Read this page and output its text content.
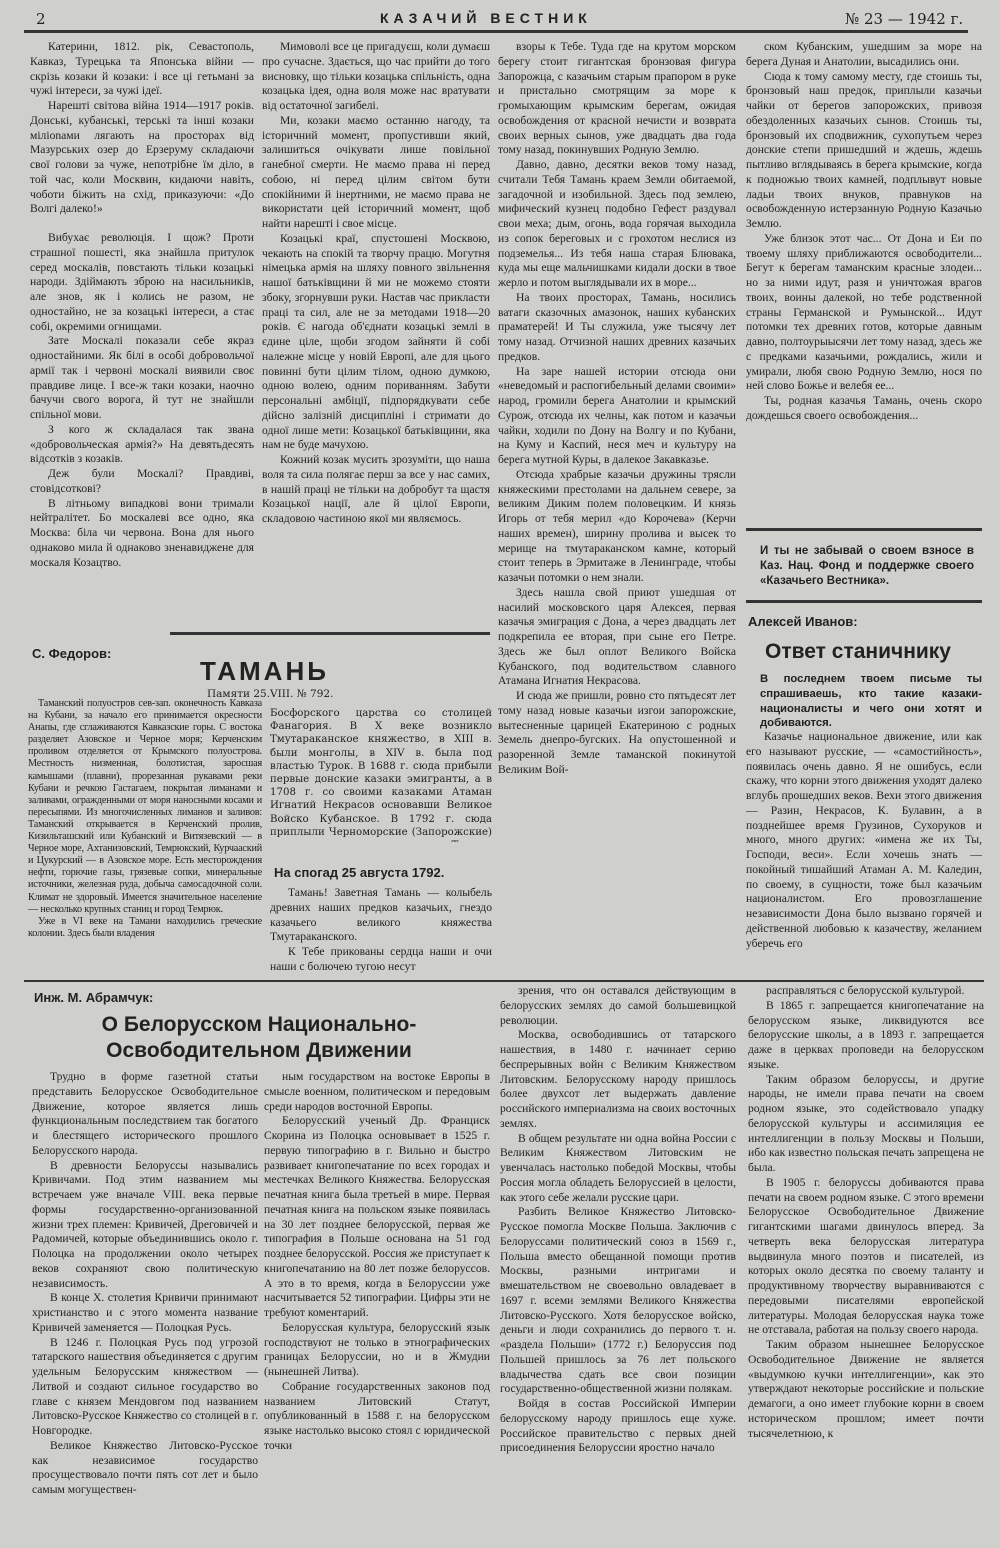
2	КАЗАЧИЙ ВЕСТНИК	№ 23 — 1942 г.

Катерини, 1812. рік, Севастополь, Кавказ, Турецька та Японська війни — скрізь козаки й козаки: і все ці гетьмані за чужі інтереси, за чужі ідеї.

Нарешті світова війна 1914—1917 років. Донські, кубанські, терські та інші козаки мілionами лягають на просторах від Мазурських озер до Ерзеруму складаючи свої голови за чуже, непотрібне їм діло, в той час, коли Москвин, кидаючи навіть, чоботи біжить на схід, приказуючи: «До Волгі далеко!»

Вибухає революція. І щож? Проти страшної пошесті, яка знайшла притулок серед москалів, повстають тільки козацькі народи. Здіймають зброю на насильників, але знов, як і колись не разом, не одностайно, не за козацькі інтереси, а стає собі, окремими огнищами.

Зате Москалі показали себе якраз одностайними. Як білі в особі добровольчої армії так і червоні москалі виявили своє правдиве лице. І все-ж таки козаки, наочно бачучи свого ворога, й тут не знайшли спільної мови.

З кого ж складалася так звана «добровольческая армія?» На девятьдесять відсотків з козаків.

Деж були Москалі? Правдиві, стовідсоткові?

В літньому випадкові вони тримали нейтралітет. Бо москалеві все одно, яка Москва: біла чи червона. Вона для нього однаково мила й однаково зненавиджене для москаля Козацтво.

Мимоволі все це пригадуєш, коли думаєш про сучасне. Здається, що час прийти до того висновку, що тільки козацька спільність, одна козацька ідея, одна воля може нас вратувати від остаточної загибелі.

Ми, козаки маємо останню нагоду, та історичний момент, пропустивши який, залишиться очікувати лише повільної ганебної смерти. Не маємо права ні перед собою, ні перед цілим світом бути спокійними й інертними, не маємо права не використати цей історичний момент, щоб найти нарешті і свое місце.

Козацькі краї, спустошені Москвою, чекають на спокій та творчу працю. Могутня німецька армія на шляху повного звільнення нашої батьківщини й ми не можемо стояти збоку, згорнувши руки. Настав час прикласти праці та сил, але не за методами 1918—20 років. Є нагода об'єднати козацькі землі в єдине ціле, щоби згодом зайняти й собі належне місце у новій Европі, але для цього повинні бути цілим тілом, одною думкою, одною волею, одним пориванням. Забути персональні амбіції, підпорядкувати себе дійсно залізній дисципліні і стримати до одної лише мети: Козацької батьківщини, яка нам не буде мачухою.

Кожний козак мусить зрозуміти, що наша воля та сила полягає перш за все у нас самих, в нашій праці не тільки на добробут та щастя Козацької нації, але й цілої Европи, складовою частиною якої ми являємось.

взоры к Тебе. Туда где на крутом морском берегу стоит гигантская бронзовая фигура Запорожца, с казачьим старым прапором в руке и пристально смотрящим за море к громыхающим крымским берегам, ожидая освобождения от красной нечисти и возврата своих верных сынов, уже двадцать два года тому назад, покинувших Родную Землю.

Давно, давно, десятки веков тому назад, считали Тебя Тамань краем Земли обитаемой, загадочной и изобильной. Здесь под землею, мифический кузнец подобно Гефест раздувал свои меха; дым, огонь, вода горячая выходила из сопок береговых и с грохотом неслися из подземелья... Из тебя наша старая Блювака, куда мы еще мальчишками кидали доски в твое жерло и потом выглядывали их в море...

На твоих просторах, Тамань, носились ватаги сказочных амазонок, наших кубанских праматерей! И Ты служила, уже тысячу лет тому назад. Отчизной наших древних казачьих предков.

На заре нашей истории отсюда они «неведомый и распогибельный делами своими» народ, громили берега Анатолии и крымский Сурож, отсюда их челны, как потом и казачьи чайки, ходили по Дону на Волгу и по Кубани, на Куму и Каспий, неся меч и культуру на берега мутной Куры, в далекое Закавказье.

Отсюда храбрые казачьи дружины трясли княжескими престолами на дальнем севере, за великим Диким полем половецким. И князь Игорь от тебя мерил «до Корочева» (Керчи наших времен), ширину пролива и высек то мерище на тмутараканском камне, который стоит теперь в Эрмитаже в Ленинграде, чтобы казачьи потомки о нем знали.

Здесь нашла свой приют ушедшая от насилий московского царя Алексея, первая казачья эмиграция с Дона, а через двадцать лет подкрепила ее вторая, при сыне его Петре. Здесь же был оплот Великого Войска Кубанского, под водительством славного Атамана Игнатия Некрасова.

И сюда же пришли, ровно сто пятьдесят лет тому назад новые казачьи изгои запорожские, вытесненные царицей Екатериною с родных Земель днепро-бугских. На опустошенной и разоренной Земле таманской покинутой Великим Вой-

ском Кубанским, ушедшим за море на берега Дуная и Анатолии, высадились они.

Сюда к тому самому месту, где стоишь ты, бронзовый наш предок, приплыли казачьи чайки от берегов запорожских, привозя обездоленных казачьих сынов. Стоишь ты, бронзовый их сподвижник, сухопутьем через донские степи пришедший и ждешь, ждешь пытливо вглядываясь в берега крымские, когда к подножью твоих камней, подплывут новые ладьи твоих внуков, правнуков на освобожденную истерзанную Родную Казачью Землю.

Уже близок этот час... От Дона и Еи по твоему шляху приближаются освободители... Бегут к берегам таманским красные злодеи... но за ними идут, разя и уничтожая врагов твоих, воины далекой, но тебе родственной страны Германской и Румынской... Идут потомки тех древних готов, которые давным давно, полтоурыысячи лет тому назад, здесь же с предками казачьими, рождались, жили и умирали, любя свою Родную Землю, нося по ней слово Божье и велебя ее...

Ты, родная казачья Тамань, очень скоро дождешься своего освобождения...

И ты не забывай о своем взносе в Каз. Нац. Фонд и поддержке своего «Казачьего Вестника».
С. Федоров:
ТАМАНЬ
Памяти 25.VIII. № 792.

Таманский полуостров сев-зап. оконечность Кавказа на Кубани, за начало его принимается окресности Анапы, где сглаживаются Кавказские горы. С востока разделяет Азовское и Черное моря; Керченским проливом отделяется от Крымского полуострова. Местность низменная, болотистая, заросшая камышами (плавни), прорезанная рукавами реки Кубани и речкою Гастагаем, покрытая лиманами и заливами, огражденными от моря наносными косами и пересыпями. Из многочисленных лиманов и заливов: Таманский открывается в Керченский пролив, Кизильташский или Кубанский и Витязевский — в Черное море, Ахтанизовский, Темрюкский, Курчааский и Цукурский — в Азовское море. Есть месторождения нефти, горючие газы, грязевые сопки, минеральные источники, железная руда, добыча самосадочной соли. Климат не здоровый. Имеется значительное население — несколько крупных станиц и город Темрюк.

Уже в VI веке на Тамани находились греческие колонии. Здесь были владения

Босфорского царства со столицей Фанагория. В X веке возникло Тмутараканское княжество, в XIII в. были монголы, в XIV в. была под властью Турок. В 1688 г. сюда прибыли первые донские казаки эмигранты, а в 1708 г. со своими казаками Атаман Игнатий Некрасов основавши Великое Войско Кубанское. В 1792 г. сюда приплыли Черноморские (Запорожские)

На спогад 25 августа 1792.

Тамань! Заветная Тамань — колыбель древних наших предков казачьих, гнездо казачьего великого княжества Тмутараканского.

К Тебе прикованы сердца наши и очи наши с болючею тугою несут

Алексей Иванов:
Ответ станичнику
В последнем твоем письме ты спрашиваешь, кто такие казаки-националисты и чего они хотят и добиваются.

Казачье национальное движение, или как его называют русские, — «самостийность», появилась очень давно. Я не ошибусь, если скажу, что корни этого движения уходят далеко вглубь прошедших веков. Вехи этого движения — Разин, Некрасов, К. Булавин, а в позднейшее время Грузинов, Сухоруков и много, много других: «имена же их Ты, Господи, веси». Если хочешь знать — покойный тишайший Атаман А. М. Каледин, по своему, в сущности, тоже был казачьим националистом. Его провозглашение независимости Дона было вызвано горячей и действенной любовью к казачеству, желанием уберечь его

Инж. М. Абрамчук:
О Белорусском Национально-Освободительном Движении

Трудно в форме газетной статьи представить Белорусское Освободительное Движение, которое является лишь функциональным последствием так богатого и блестящего исторического прошлого Белорусского народа.

В древности Белоруссы назывались Кривичами. Под этим названием мы встречаем уже вначале VIII. века первые формы государственно-организованной жизни трех племен: Кривичей, Дреговичей и Радомичей, которые объединившись около г. Полоцка на продолжении около четырех веков сохраняют свою политическую независимость.

В конце X. столетия Кривичи принимают христианство и с этого момента название Кривичей заменяется — Полоцкая Русь.

В 1246 г. Полоцкая Русь под угрозой татарского нашествия объединяется с другим удельным Белорусским княжеством — Литвой и создают сильное государство во главе с князем Мендовгом под названием Литовско-Русское Княжество со столицей в г. Новгородке.

Великое Княжество Литовско-Русское как независимое государство просуществовало почти пять сот лет и было самым могуществен-

ным государством на востоке Европы в смысле военном, политическом и передовым среди народов восточной Европы.

Белорусский ученый Др. Франциск Скорина из Полоцка основывает в 1525 г. первую типографию в г. Вильно и быстро развивает книгопечатание по всех городах и местечках Великого Княжества. Белорусская печатная книга была третьей в мире. Первая печатная книга на польском языке появилась на 30 лет позднее белорусской, первая же типография в Польше основана на 51 год позднее белорусской. Россия же приступает к книгопечатанию на 80 лет позже белоруссов. А это в то время, когда в Белоруссии уже насчитывается 52 типографии. Цифры эти не требуют коментарий.

Белорусская культура, белорусский язык господствуют не только в этнографических границах Белоруссии, но и в Жмудии (нынешней Литва).

Собрание государственных законов под названием Литовский Статут, опубликованный в 1588 г. на белорусском языке настолько высоко стоял с юридической точки

зрения, что он оставался действующим в белорусских землях до самой большевицкой революции.

Москва, освободившись от татарского нашествия, в 1480 г. начинает серию беспрерывных войн с Великим Княжеством Литовским. Белорусскому народу пришлось более двухсот лет выдержать давление российского империализма на своих восточных землях.

В общем результате ни одна война России с Великим Княжеством Литовским не увенчалась настолько победой Москвы, чтобы Россия могла обладеть Белоруссией в целости, как этого себе желали русские цари.

Разбить Великое Княжество Литовско-Русское помогла Москве Польша. Заключив с Белоруссами политический союз в 1569 г., Польша вместо обещанной помощи против Москвы, разными интригами и вмешательством не своевольно овладевает в 1697 г. всеми землями Великого Княжества Литовско-Русского. Хотя белорусское войско, деньги и люди сохранились до первого т. н. «раздела Польши» (1772 г.) Белоруссия под Польшей пришлось за 76 лет польского владычества сдать все свои позиции государственно-общественной жизни полякам.

Войдя в состав Российской Империи белорусскому народу пришлось еще хуже. Российское правительство с первых дней присоединения Белоруссии яростно начало

расправляться с белорусской культурой.

В 1865 г. запрещается книгопечатание на белорусском языке, ликвидуются все белорусские школы, а в 1893 г. запрещается даже в церквах проповеди на белорусском языке.

Таким образом белоруссы, и другие народы, не имели права печати на своем родном языке, это содействовало упадку белорусской культуры и ассимиляция ее интеллигенции в пользу Москвы и Польши, ибо как известно польская печать запрещена не была.

В 1905 г. белоруссы добиваются права печати на своем родном языке. С этого времени Белорусское Освободительное Движение гигантскими шагами двинулось вперед. За четверть века белорусская литература выдвинула много поэтов и писателей, из которых около десятка по своему таланту и продуктивному творчеству выравниваются с передовыми писателями европейской литературы. Молодая белорусская наука тоже не отставала, работая на пользу своего народа.

Таким образом нынешнее Белорусское Освободительное Движение не является «выдумкою кучки интеллигенции», как это утверждают некоторые российские и польские демагоги, а оно имеет глубокие корни в своем историческом прошлом; имеет почти тысячелетнюю, к
